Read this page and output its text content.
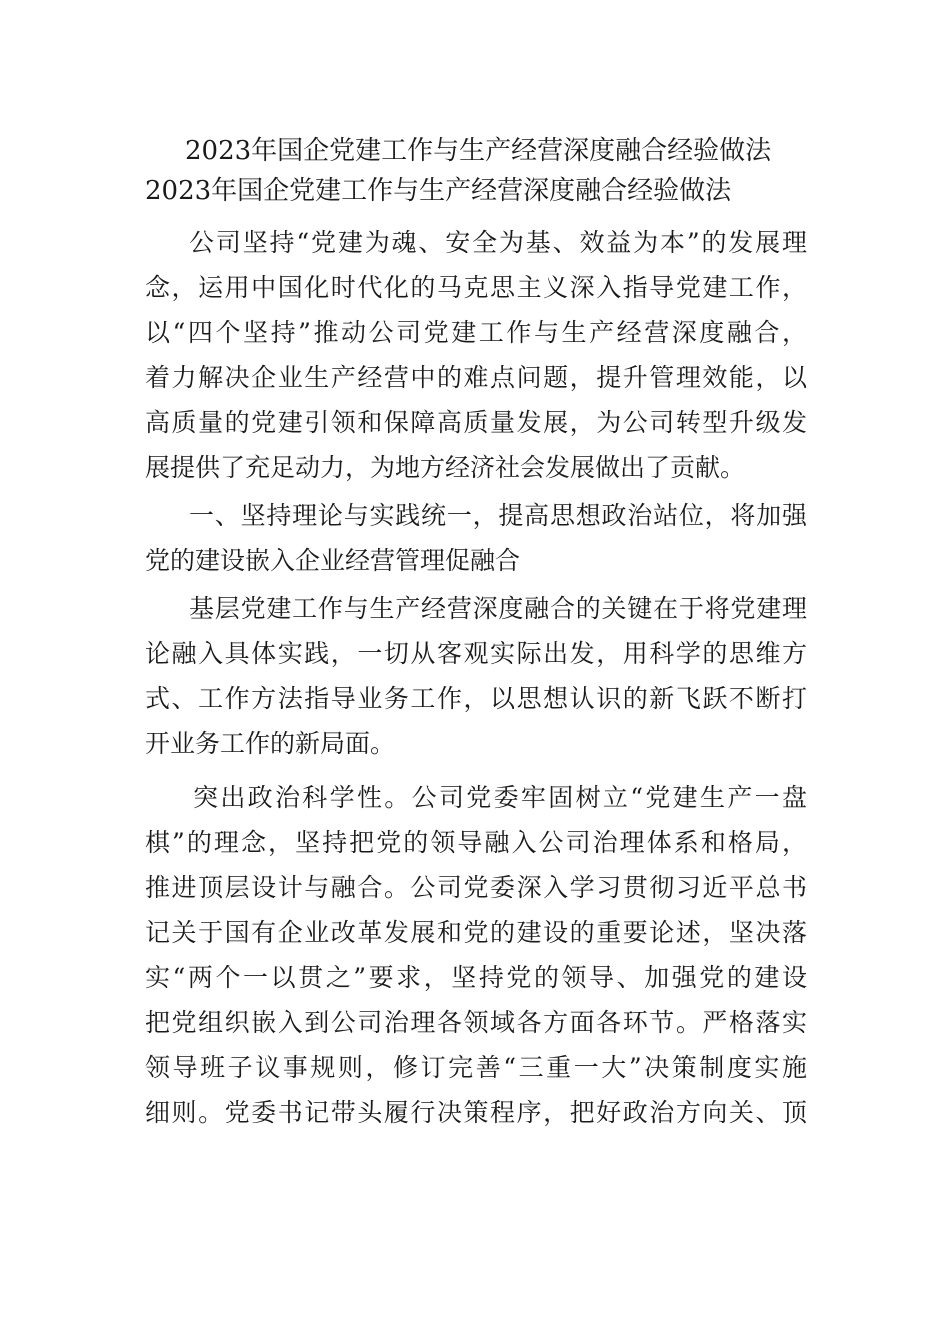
2023年国企党建工作与生产经营深度融合经验做法
2023年国企党建工作与生产经营深度融合经验做法
公司坚持“党建为魂、安全为基、效益为本”的发展理
念，运用中国化时代化的马克思主义深入指导党建工作，
以“四个坚持”推动公司党建工作与生产经营深度融合，
着力解决企业生产经营中的难点问题，提升管理效能，以
高质量的党建引领和保障高质量发展，为公司转型升级发
展提供了充足动力，为地方经济社会发展做出了贡献。
一、坚持理论与实践统一，提高思想政治站位，将加强
党的建设嵌入企业经营管理促融合
基层党建工作与生产经营深度融合的关键在于将党建理
论融入具体实践，一切从客观实际出发，用科学的思维方
式、工作方法指导业务工作，以思想认识的新飞跃不断打
开业务工作的新局面。
突出政治科学性。公司党委牢固树立“党建生产一盘
棋”的理念，坚持把党的领导融入公司治理体系和格局，
推进顶层设计与融合。公司党委深入学习贯彻习近平总书
记关于国有企业改革发展和党的建设的重要论述，坚决落
实“两个一以贯之”要求，坚持党的领导、加强党的建设
把党组织嵌入到公司治理各领域各方面各环节。严格落实
领导班子议事规则，修订完善“三重一大”决策制度实施
细则。党委书记带头履行决策程序，把好政治方向关、顶
